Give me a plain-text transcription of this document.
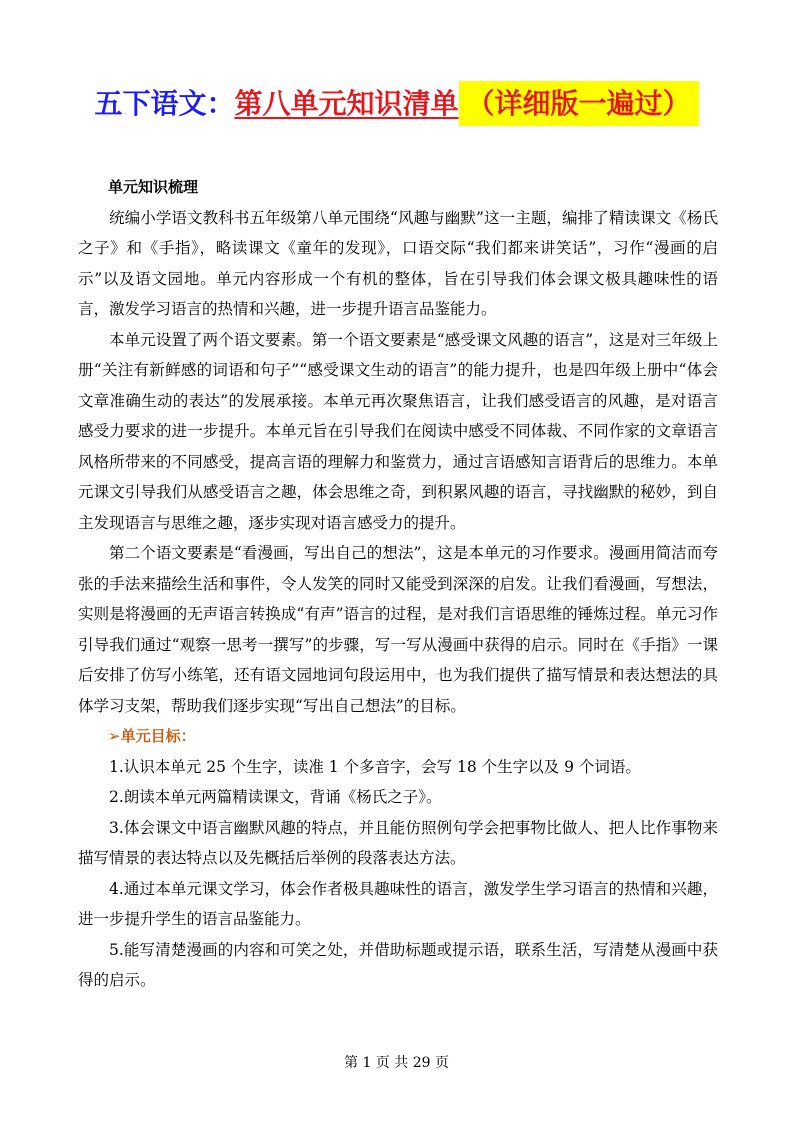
五下语文：第八单元知识清单 （详细版一遍过）

单元知识梳理

统编小学语文教科书五年级第八单元围绕“风趣与幽默”这一主题，编排了精读课文《杨氏之子》和《手指》，略读课文《童年的发现》，口语交际“我们都来讲笑话”，习作“漫画的启示”以及语文园地。单元内容形成一个有机的整体，旨在引导我们体会课文极具趣味性的语言，激发学习语言的热情和兴趣，进一步提升语言品鉴能力。

本单元设置了两个语文要素。第一个语文要素是“感受课文风趣的语言”，这是对三年级上册“关注有新鲜感的词语和句子”“感受课文生动的语言”的能力提升，也是四年级上册中“体会文章准确生动的表达”的发展承接。本单元再次聚焦语言，让我们感受语言的风趣，是对语言感受力要求的进一步提升。本单元旨在引导我们在阅读中感受不同体裁、不同作家的文章语言风格所带来的不同感受，提高言语的理解力和鉴赏力，通过言语感知言语背后的思维力。本单元课文引导我们从感受语言之趣，体会思维之奇，到积累风趣的语言，寻找幽默的秘妙，到自主发现语言与思维之趣，逐步实现对语言感受力的提升。

第二个语文要素是“看漫画，写出自己的想法”，这是本单元的习作要求。漫画用简洁而夸张的手法来描绘生活和事件，令人发笑的同时又能受到深深的启发。让我们看漫画，写想法，实则是将漫画的无声语言转换成“有声”语言的过程，是对我们言语思维的锤炼过程。单元习作引导我们通过“观察一思考一撰写”的步骤，写一写从漫画中获得的启示。同时在《手指》一课后安排了仿写小练笔，还有语文园地词句段运用中，也为我们提供了描写情景和表达想法的具体学习支架，帮助我们逐步实现“写出自己想法”的目标。

➢单元目标：

1.认识本单元 25 个生字，读准 1 个多音字，会写 18 个生字以及 9 个词语。

2.朗读本单元两篇精读课文，背诵《杨氏之子》。

3.体会课文中语言幽默风趣的特点，并且能仿照例句学会把事物比做人、把人比作事物来描写情景的表达特点以及先概括后举例的段落表达方法。

4.通过本单元课文学习，体会作者极具趣味性的语言，激发学生学习语言的热情和兴趣，进一步提升学生的语言品鉴能力。

5.能写清楚漫画的内容和可笑之处，并借助标题或提示语，联系生活，写清楚从漫画中获得的启示。

第 1 页 共 29 页
